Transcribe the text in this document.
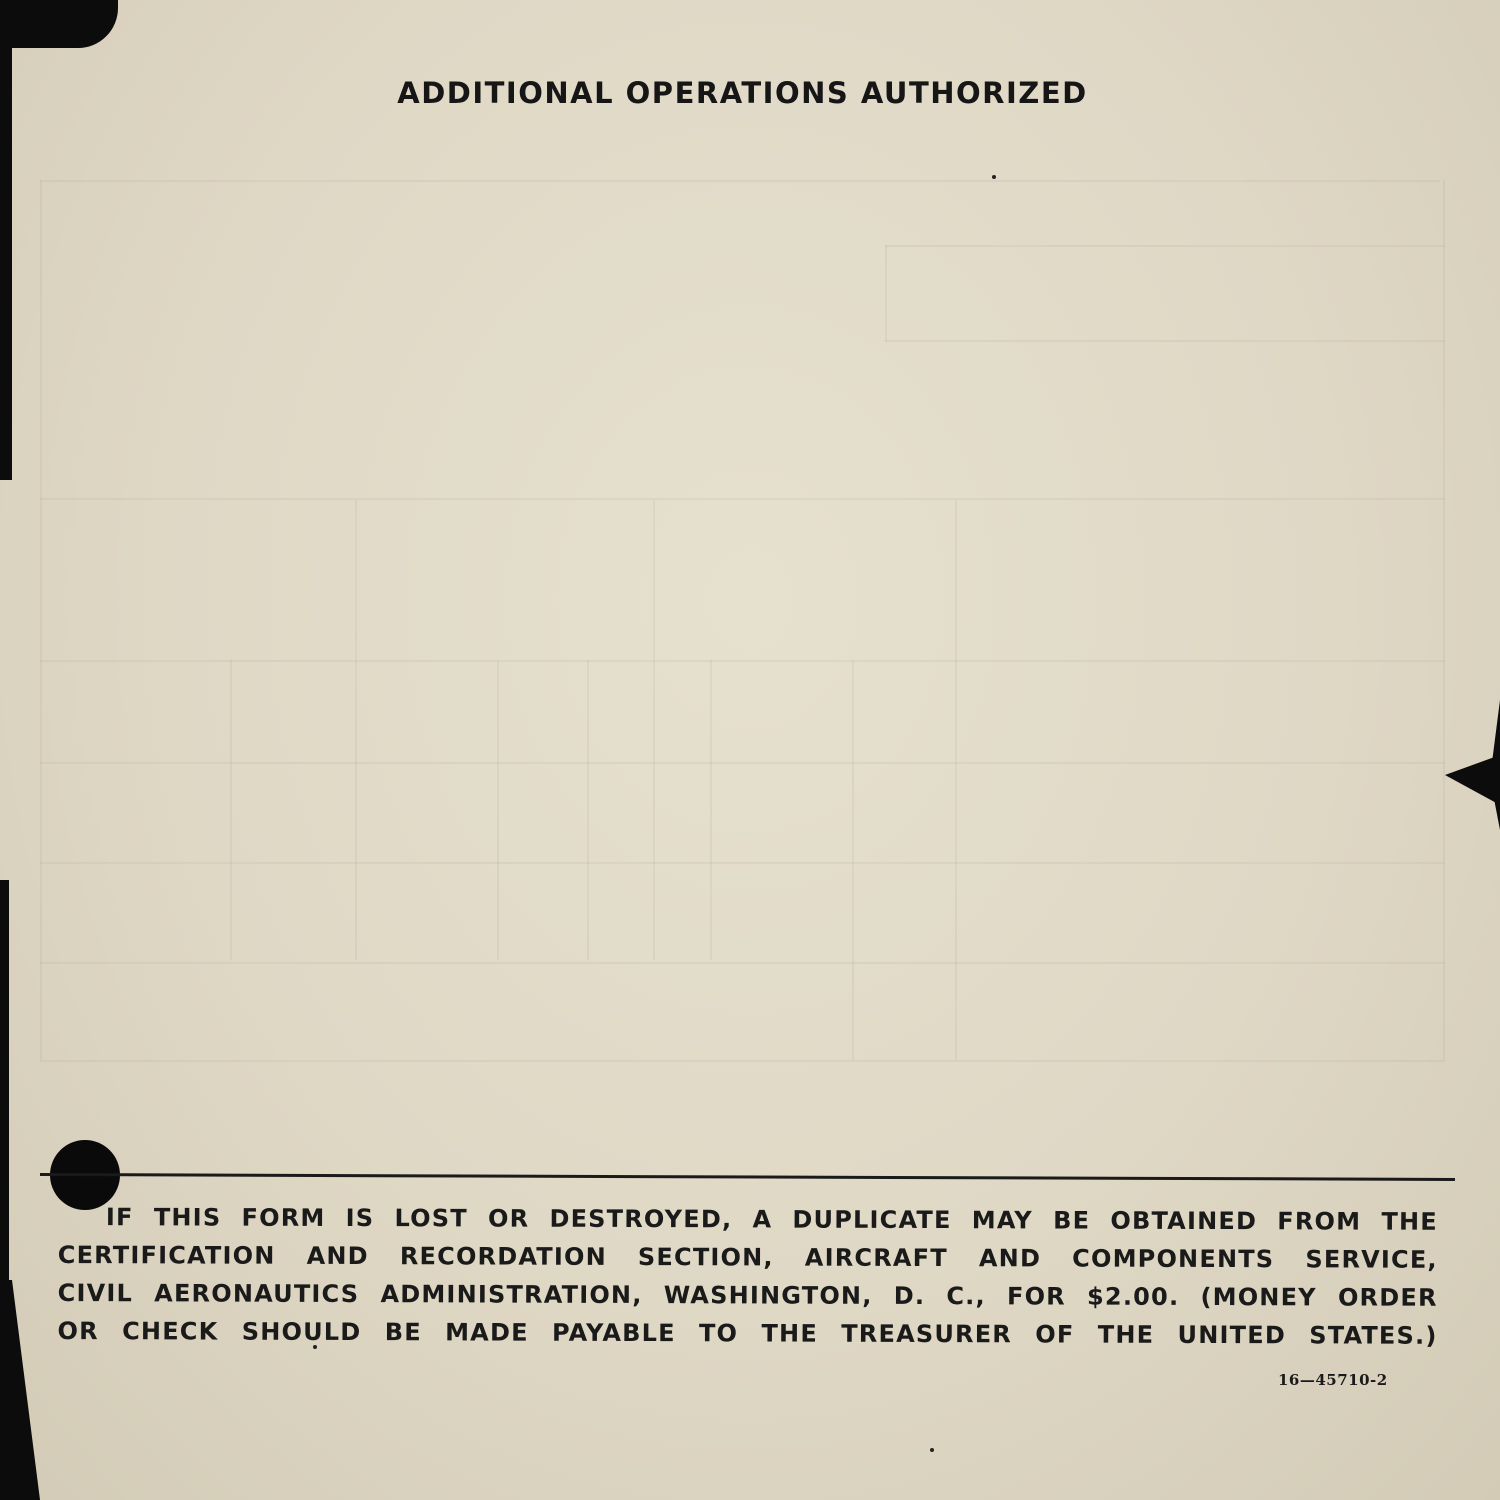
ADDITIONAL OPERATIONS AUTHORIZED
IF THIS FORM IS LOST OR DESTROYED, A DUPLICATE MAY BE OBTAINED FROM THE
CERTIFICATION AND RECORDATION SECTION, AIRCRAFT AND COMPONENTS SERVICE,
CIVIL AERONAUTICS ADMINISTRATION, WASHINGTON, D. C., FOR $2.00. (MONEY ORDER
OR CHECK SHOULD BE MADE PAYABLE TO THE TREASURER OF THE UNITED STATES.)
16—45710-2
